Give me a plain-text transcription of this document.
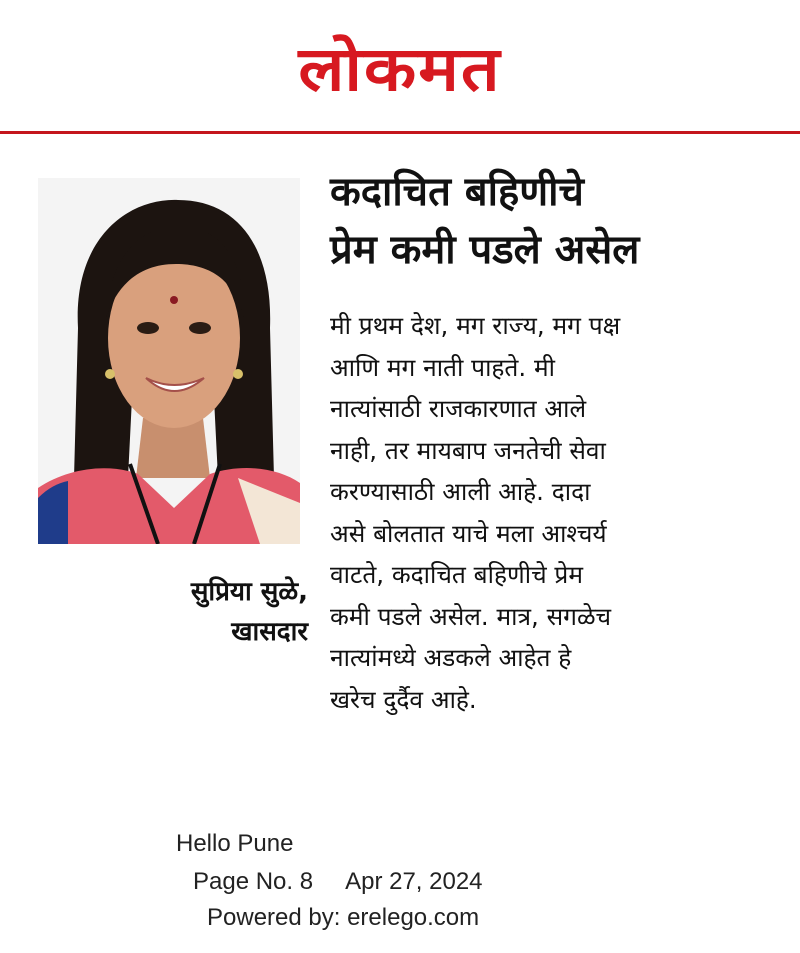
लोकमत
सुप्रिया सुळे,
खासदार
कदाचित बहिणीचे
प्रेम कमी पडले असेल
मी प्रथम देश, मग राज्य, मग पक्ष
आणि मग नाती पाहते. मी
नात्यांसाठी राजकारणात आले
नाही, तर मायबाप जनतेची सेवा
करण्यासाठी आली आहे. दादा
असे बोलतात याचे मला आश्चर्य
वाटते, कदाचित बहिणीचे प्रेम
कमी पडले असेल. मात्र, सगळेच
नात्यांमध्ये अडकले आहेत हे
खरेच दुर्दैव आहे.
Hello Pune
Page No. 8 Apr 27, 2024
Powered by: erelego.com
